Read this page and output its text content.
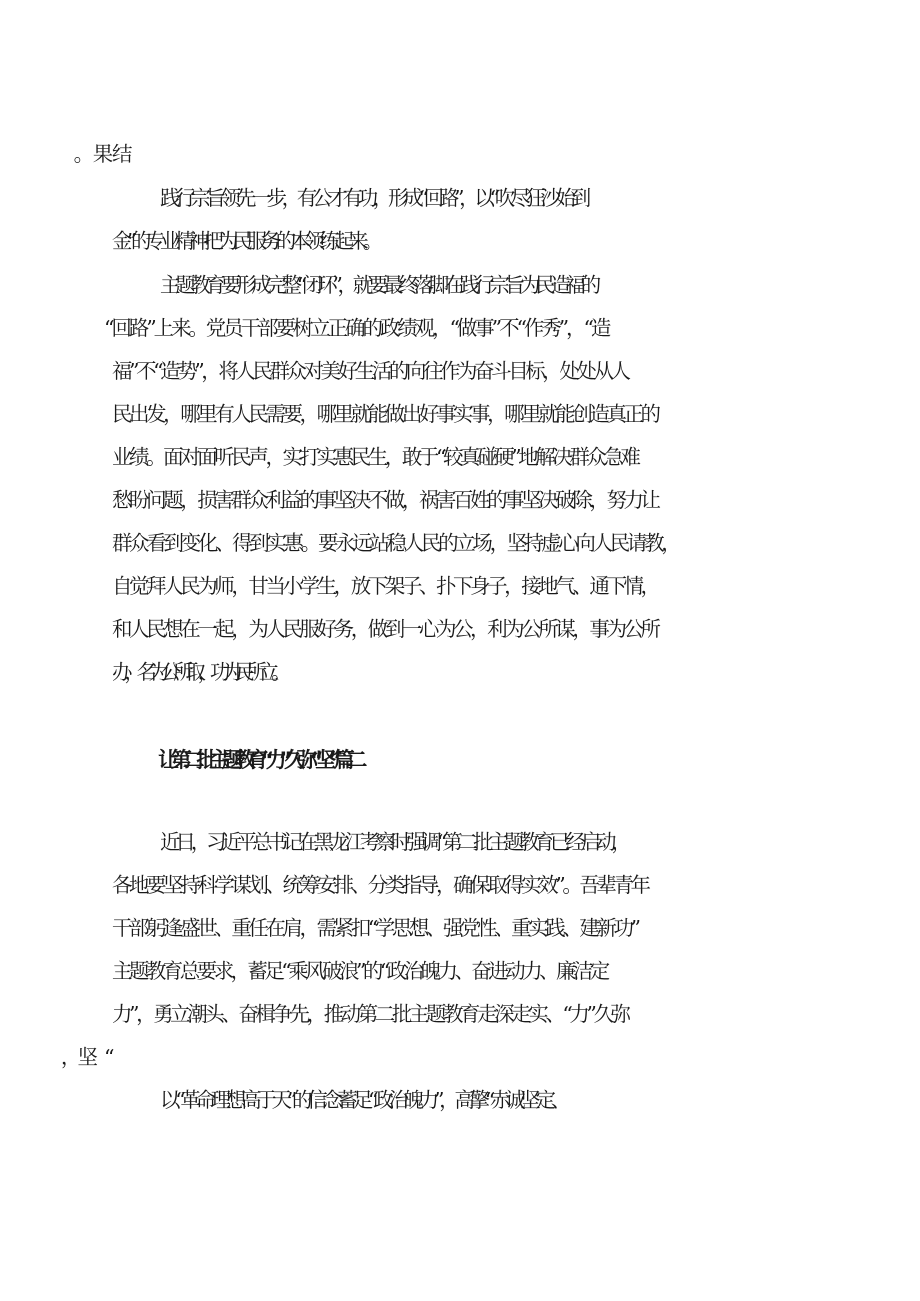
践行宗旨领先一步，有公才有功，形成“回路”，以“吹尽狂沙始到
金”的专业精神把为民服务的本领练起来。
主题教育要形成完整“闭环”，就要最终落脚在践行宗旨为民造福的
“回路”上来。党员干部要树立正确的政绩观，“做事”不“作秀”，“造
福”不“造势”，将人民群众对美好生活的向往作为奋斗目标，处处从人
民出发，哪里有人民需要，哪里就能做出好事实事，哪里就能创造真正的
业绩。面对面听民声，实打实惠民生，敢于“较真碰硬”地解决群众急难
愁盼问题，损害群众利益的事坚决不做，祸害百姓的事坚决破除，努力让
群众看到变化、得到实惠。要永远站稳人民的立场，坚持虚心向人民请教，
自觉拜人民为师，甘当小学生，放下架子、扑下身子，接地气、通下情，
和人民想在一起，为人民服好务，做到一心为公，利为公所谋，事为公所
办，名为公所取，功为民所立。
让第二批主题教育“力”久弥“坚”篇二
近日，习近平总书记在黑龙江考察时强调“第二批主题教育已经启动，
各地要坚持科学谋划、统筹安排、分类指导，确保取得实效”。吾辈青年
干部躬逢盛世、重任在肩，需紧扣“学思想、强党性、重实践、建新功”
主题教育总要求，蓄足“乘风破浪”的“政治魄力、奋进动力、廉洁定
力”，勇立潮头、奋楫争先，推动第二批主题教育走深走实、“力”久弥
以“革命理想高于天”的信念蓄足“政治魄力”，高擎“赤诚坚定、
